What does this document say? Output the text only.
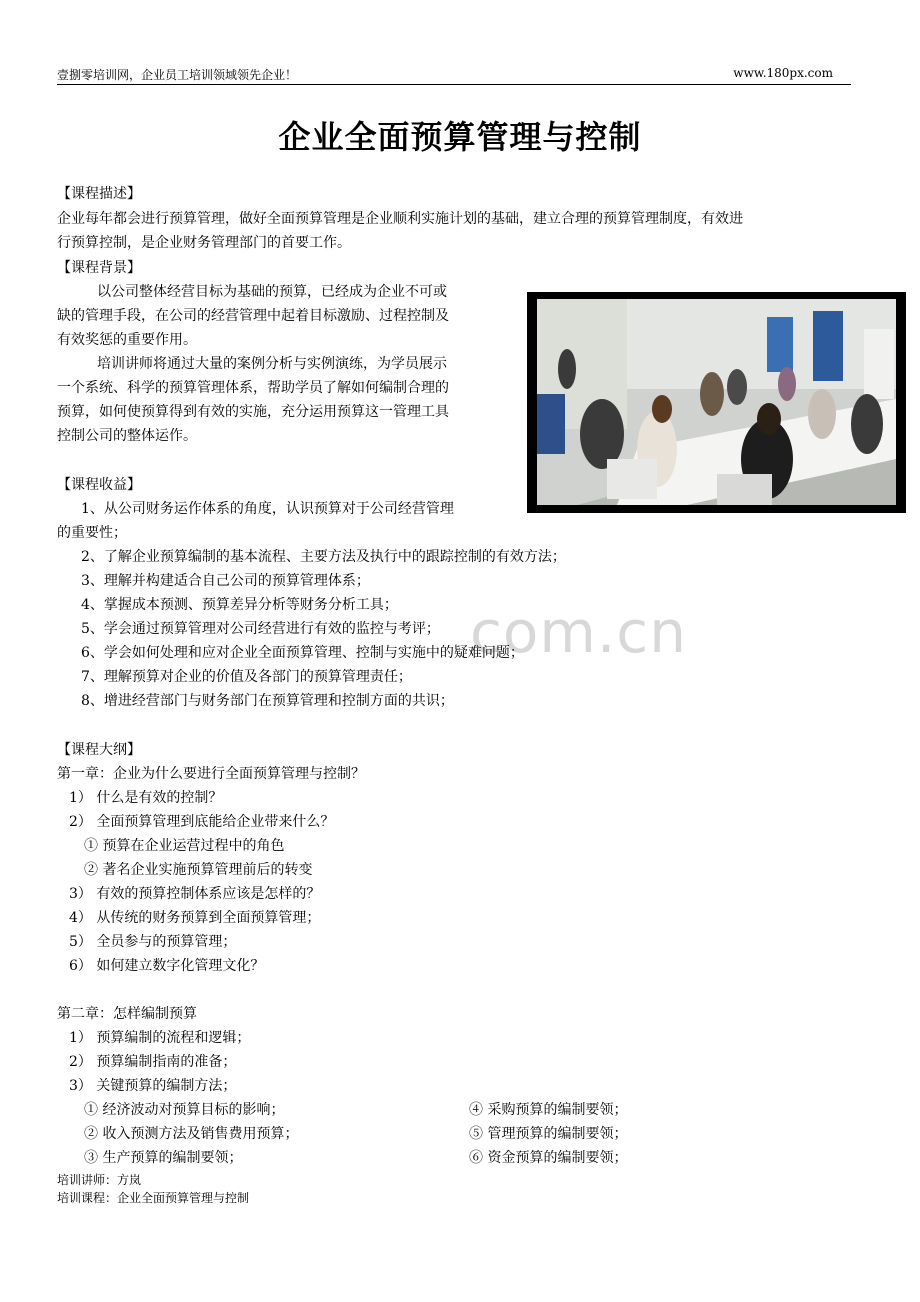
壹捌零培训网，企业员工培训领域领先企业！	www.180px.com
企业全面预算管理与控制
com.cn
【课程描述】
企业每年都会进行预算管理，做好全面预算管理是企业顺利实施计划的基础，建立合理的预算管理制度，有效进
行预算控制，是企业财务管理部门的首要工作。
【课程背景】
以公司整体经营目标为基础的预算，已经成为企业不可或
缺的管理手段，在公司的经营管理中起着目标激励、过程控制及
有效奖惩的重要作用。
培训讲师将通过大量的案例分析与实例演练，为学员展示
一个系统、科学的预算管理体系，帮助学员了解如何编制合理的
预算，如何使预算得到有效的实施，充分运用预算这一管理工具
控制公司的整体运作。
【课程收益】
1、从公司财务运作体系的角度，认识预算对于公司经营管理
的重要性；
2、了解企业预算编制的基本流程、主要方法及执行中的跟踪控制的有效方法；
3、理解并构建适合自己公司的预算管理体系；
4、掌握成本预测、预算差异分析等财务分析工具；
5、学会通过预算管理对公司经营进行有效的监控与考评；
6、学会如何处理和应对企业全面预算管理、控制与实施中的疑难问题；
7、理解预算对企业的价值及各部门的预算管理责任；
8、增进经营部门与财务部门在预算管理和控制方面的共识；
【课程大纲】
第一章：企业为什么要进行全面预算管理与控制？
1） 什么是有效的控制？
2） 全面预算管理到底能给企业带来什么？
① 预算在企业运营过程中的角色
② 著名企业实施预算管理前后的转变
3） 有效的预算控制体系应该是怎样的？
4） 从传统的财务预算到全面预算管理；
5） 全员参与的预算管理；
6） 如何建立数字化管理文化？
第二章：怎样编制预算
1） 预算编制的流程和逻辑；
2） 预算编制指南的准备；
3） 关键预算的编制方法；
① 经济波动对预算目标的影响；
② 收入预测方法及销售费用预算；
③ 生产预算的编制要领；
④ 采购预算的编制要领；
⑤ 管理预算的编制要领；
⑥ 资金预算的编制要领；
培训讲师：方岚
培训课程：企业全面预算管理与控制
